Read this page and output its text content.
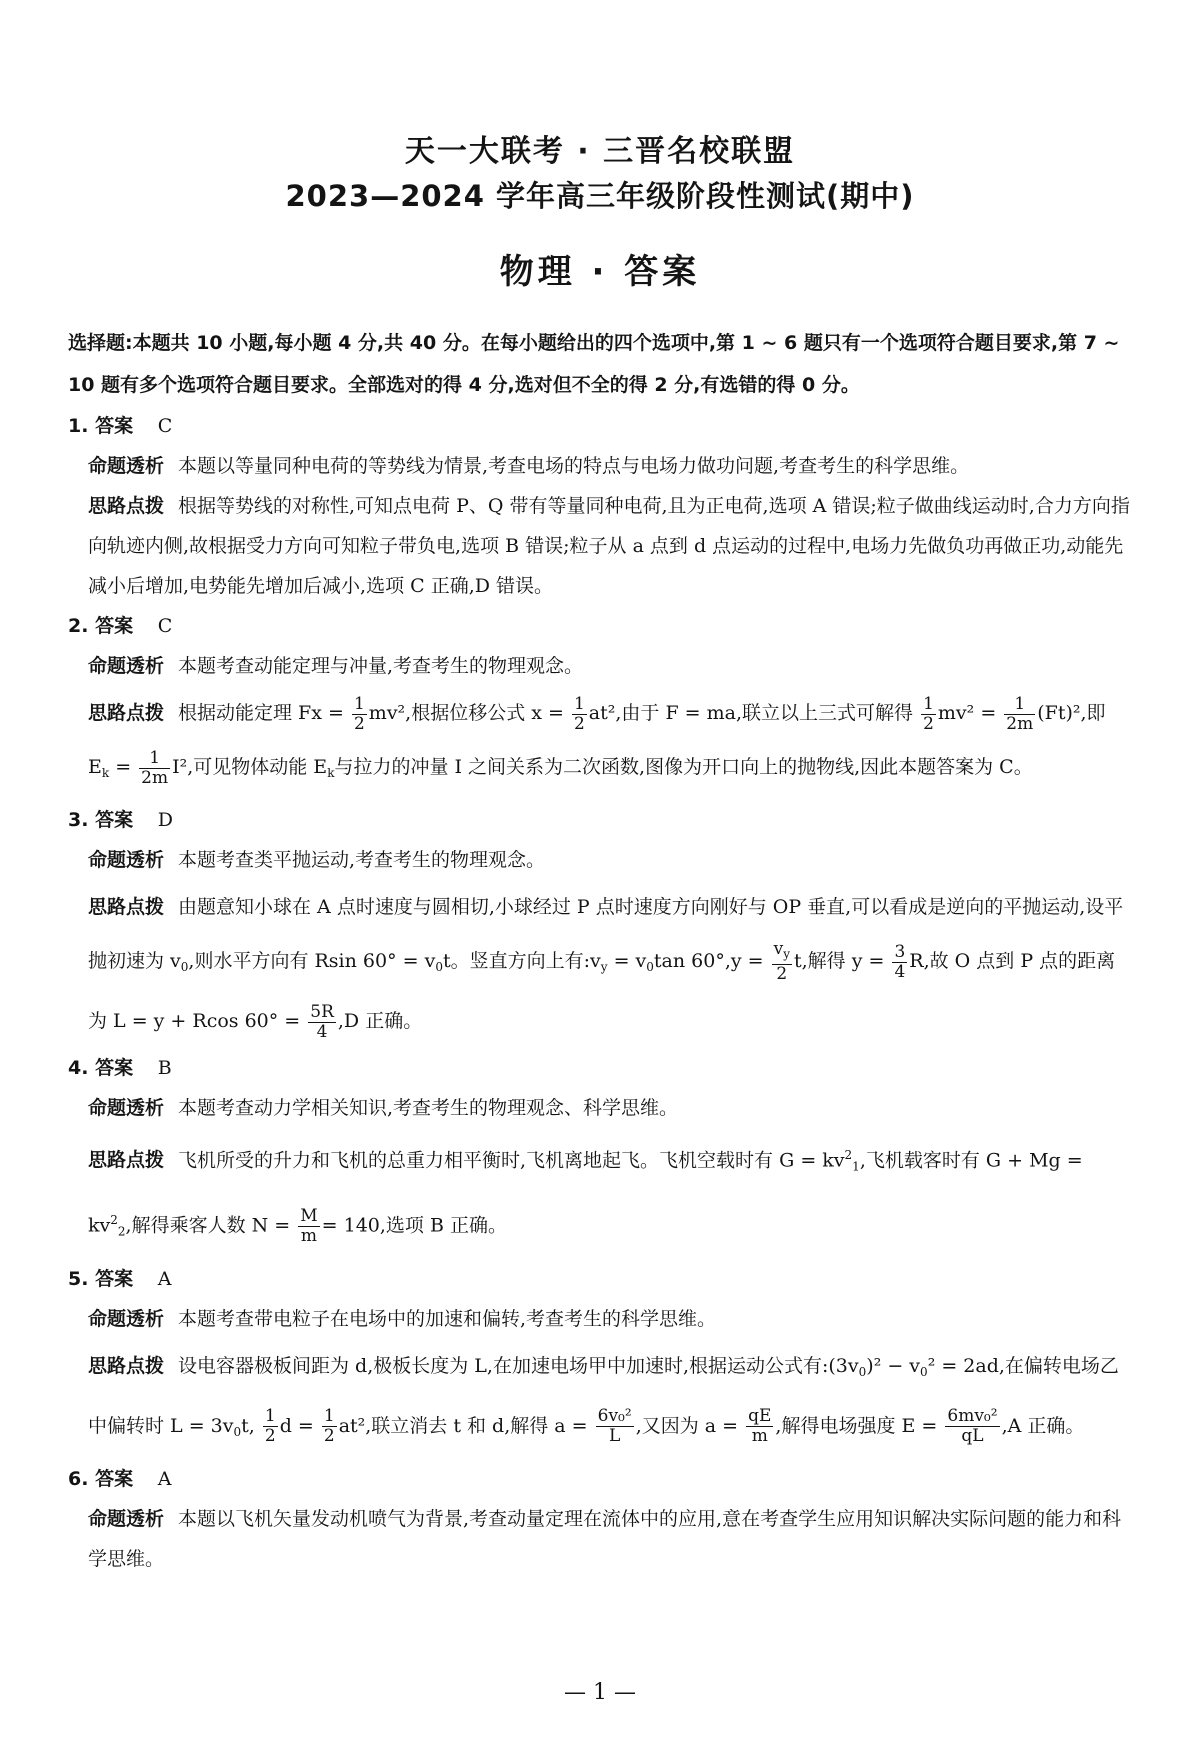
天一大联考 · 三晋名校联盟
2023—2024 学年高三年级阶段性测试(期中)
物理 · 答案

选择题:本题共 10 小题,每小题 4 分,共 40 分。在每小题给出的四个选项中,第 1 ~ 6 题只有一个选项符合题目要求,第 7 ~ 10 题有多个选项符合题目要求。全部选对的得 4 分,选对但不全的得 2 分,有选错的得 0 分。

1. 答案 C

命题透析 本题以等量同种电荷的等势线为情景,考查电场的特点与电场力做功问题,考查考生的科学思维。

思路点拨 根据等势线的对称性,可知点电荷 P、Q 带有等量同种电荷,且为正电荷,选项 A 错误;粒子做曲线运动时,合力方向指向轨迹内侧,故根据受力方向可知粒子带负电,选项 B 错误;粒子从 a 点到 d 点运动的过程中,电场力先做负功再做正功,动能先减小后增加,电势能先增加后减小,选项 C 正确,D 错误。

2. 答案 C

命题透析 本题考查动能定理与冲量,考查考生的物理观念。

思路点拨 根据动能定理 $Fx = \frac{1}{2} mv^2$,根据位移公式 $x = \frac{1}{2} at^2$,由于 F = ma,联立以上三式可解得 $\frac{1}{2} mv^2 = \frac{1}{2m} (Ft)^2$,即 $E_k = \frac{1}{2m} I^2$,可见物体动能 $E_k$与拉力的冲量 I 之间关系为二次函数,图像为开口向上的抛物线,因此本题答案为 C。

3. 答案 D

命题透析 本题考查类平抛运动,考查考生的物理观念。

思路点拨 由题意知小球在 A 点时速度与圆相切,小球经过 P 点时速度方向刚好与 OP 垂直,可以看成是逆向的平抛运动,设平抛初速为 $v_0$,则水平方向有 Rsin $60^\circ = v_0t$。竖直方向上有$:v_y = v_0\tan$ $60^\circ,y = \frac{v_y}{2} t$,解得 $y = \frac{3}{4} R$,故 O 点到 P 点的距离为 L = y + Rcos $60^\circ = \frac{5R}{4} ,D$ 正确。

4. 答案 B

命题透析 本题考查动力学相关知识,考查考生的物理观念、科学思维。

思路点拨 飞机所受的升力和飞机的总重力相平衡时,飞机离地起飞。飞机空载时有 $G = kv^2_1$,飞机载客时有 $G + Mg = kv^2_2$,解得乘客人数 $N = \frac{M}{m} = 140$,选项 B 正确。

5. 答案 A

命题透析 本题考查带电粒子在电场中的加速和偏转,考查考生的科学思维。

思路点拨 设电容器极板间距为 d,极板长度为 L,在加速电场甲中加速时,根据运动公式有$:(3v_0)^2 - v_0^2 = 2ad$,在偏转电场乙中偏转时 $L = 3v_0t$, $\frac{1}{2}$ $d = \frac{1}{2} at^2$,联立消去 t 和 d,解得 $a = \frac{\text{6v₀²}}{L}$ ,又因为 $a = \frac{qE}{m}$ ,解得电场强度 $E = \frac{\text{6mv₀²}}{qL} ,A$ 正确。

6. 答案 A

命题透析 本题以飞机矢量发动机喷气为背景,考查动量定理在流体中的应用,意在考查学生应用知识解决实际问题的能力和科学思维。

— 1 —
